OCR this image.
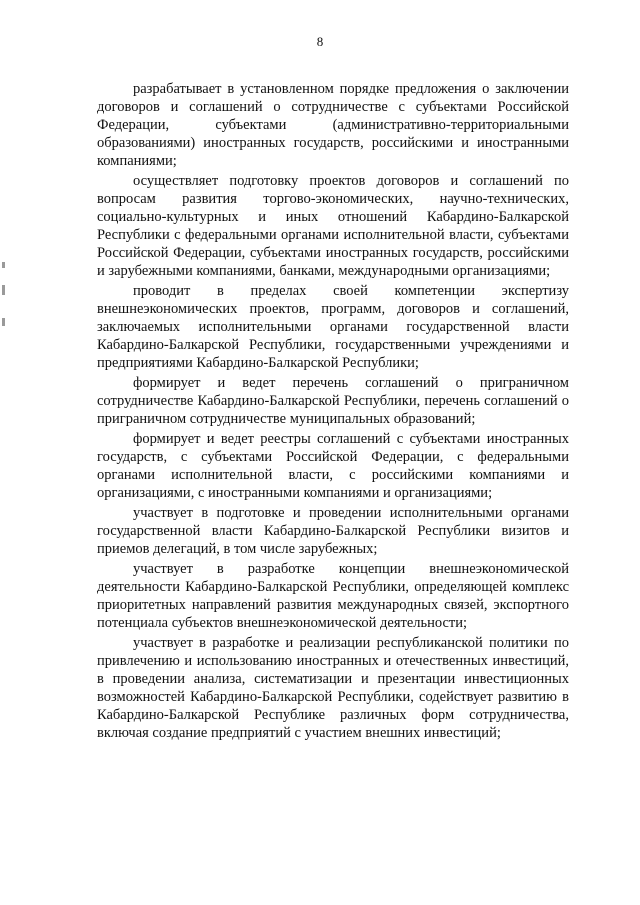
8

разрабатывает в установленном порядке предложения о заключении договоров и соглашений о сотрудничестве с субъектами Российской Федерации, субъектами (административно-территориальными образованиями) иностранных государств, российскими и иностранными компаниями;

осуществляет подготовку проектов договоров и соглашений по вопросам развития торгово-экономических, научно-технических, социально-культурных и иных отношений Кабардино-Балкарской Республики с федеральными органами исполнительной власти, субъектами Российской Федерации, субъектами иностранных государств, российскими и зарубежными компаниями, банками, международными организациями;

проводит в пределах своей компетенции экспертизу внешнеэкономических проектов, программ, договоров и соглашений, заключаемых исполнительными органами государственной власти Кабардино-Балкарской Республики, государственными учреждениями и предприятиями Кабардино-Балкарской Республики;

формирует и ведет перечень соглашений о приграничном сотрудничестве Кабардино-Балкарской Республики, перечень соглашений о приграничном сотрудничестве муниципальных образований;

формирует и ведет реестры соглашений с субъектами иностранных государств, с субъектами Российской Федерации, с федеральными органами исполнительной власти, с российскими компаниями и организациями, с иностранными компаниями и организациями;

участвует в подготовке и проведении исполнительными органами государственной власти Кабардино-Балкарской Республики визитов и приемов делегаций, в том числе зарубежных;

участвует в разработке концепции внешнеэкономической деятельности Кабардино-Балкарской Республики, определяющей комплекс приоритетных направлений развития международных связей, экспортного потенциала субъектов внешнеэкономической деятельности;

участвует в разработке и реализации республиканской политики по привлечению и использованию иностранных и отечественных инвестиций, в проведении анализа, систематизации и презентации инвестиционных возможностей Кабардино-Балкарской Республики, содействует развитию в Кабардино-Балкарской Республике различных форм сотрудничества, включая создание предприятий с участием внешних инвестиций;
